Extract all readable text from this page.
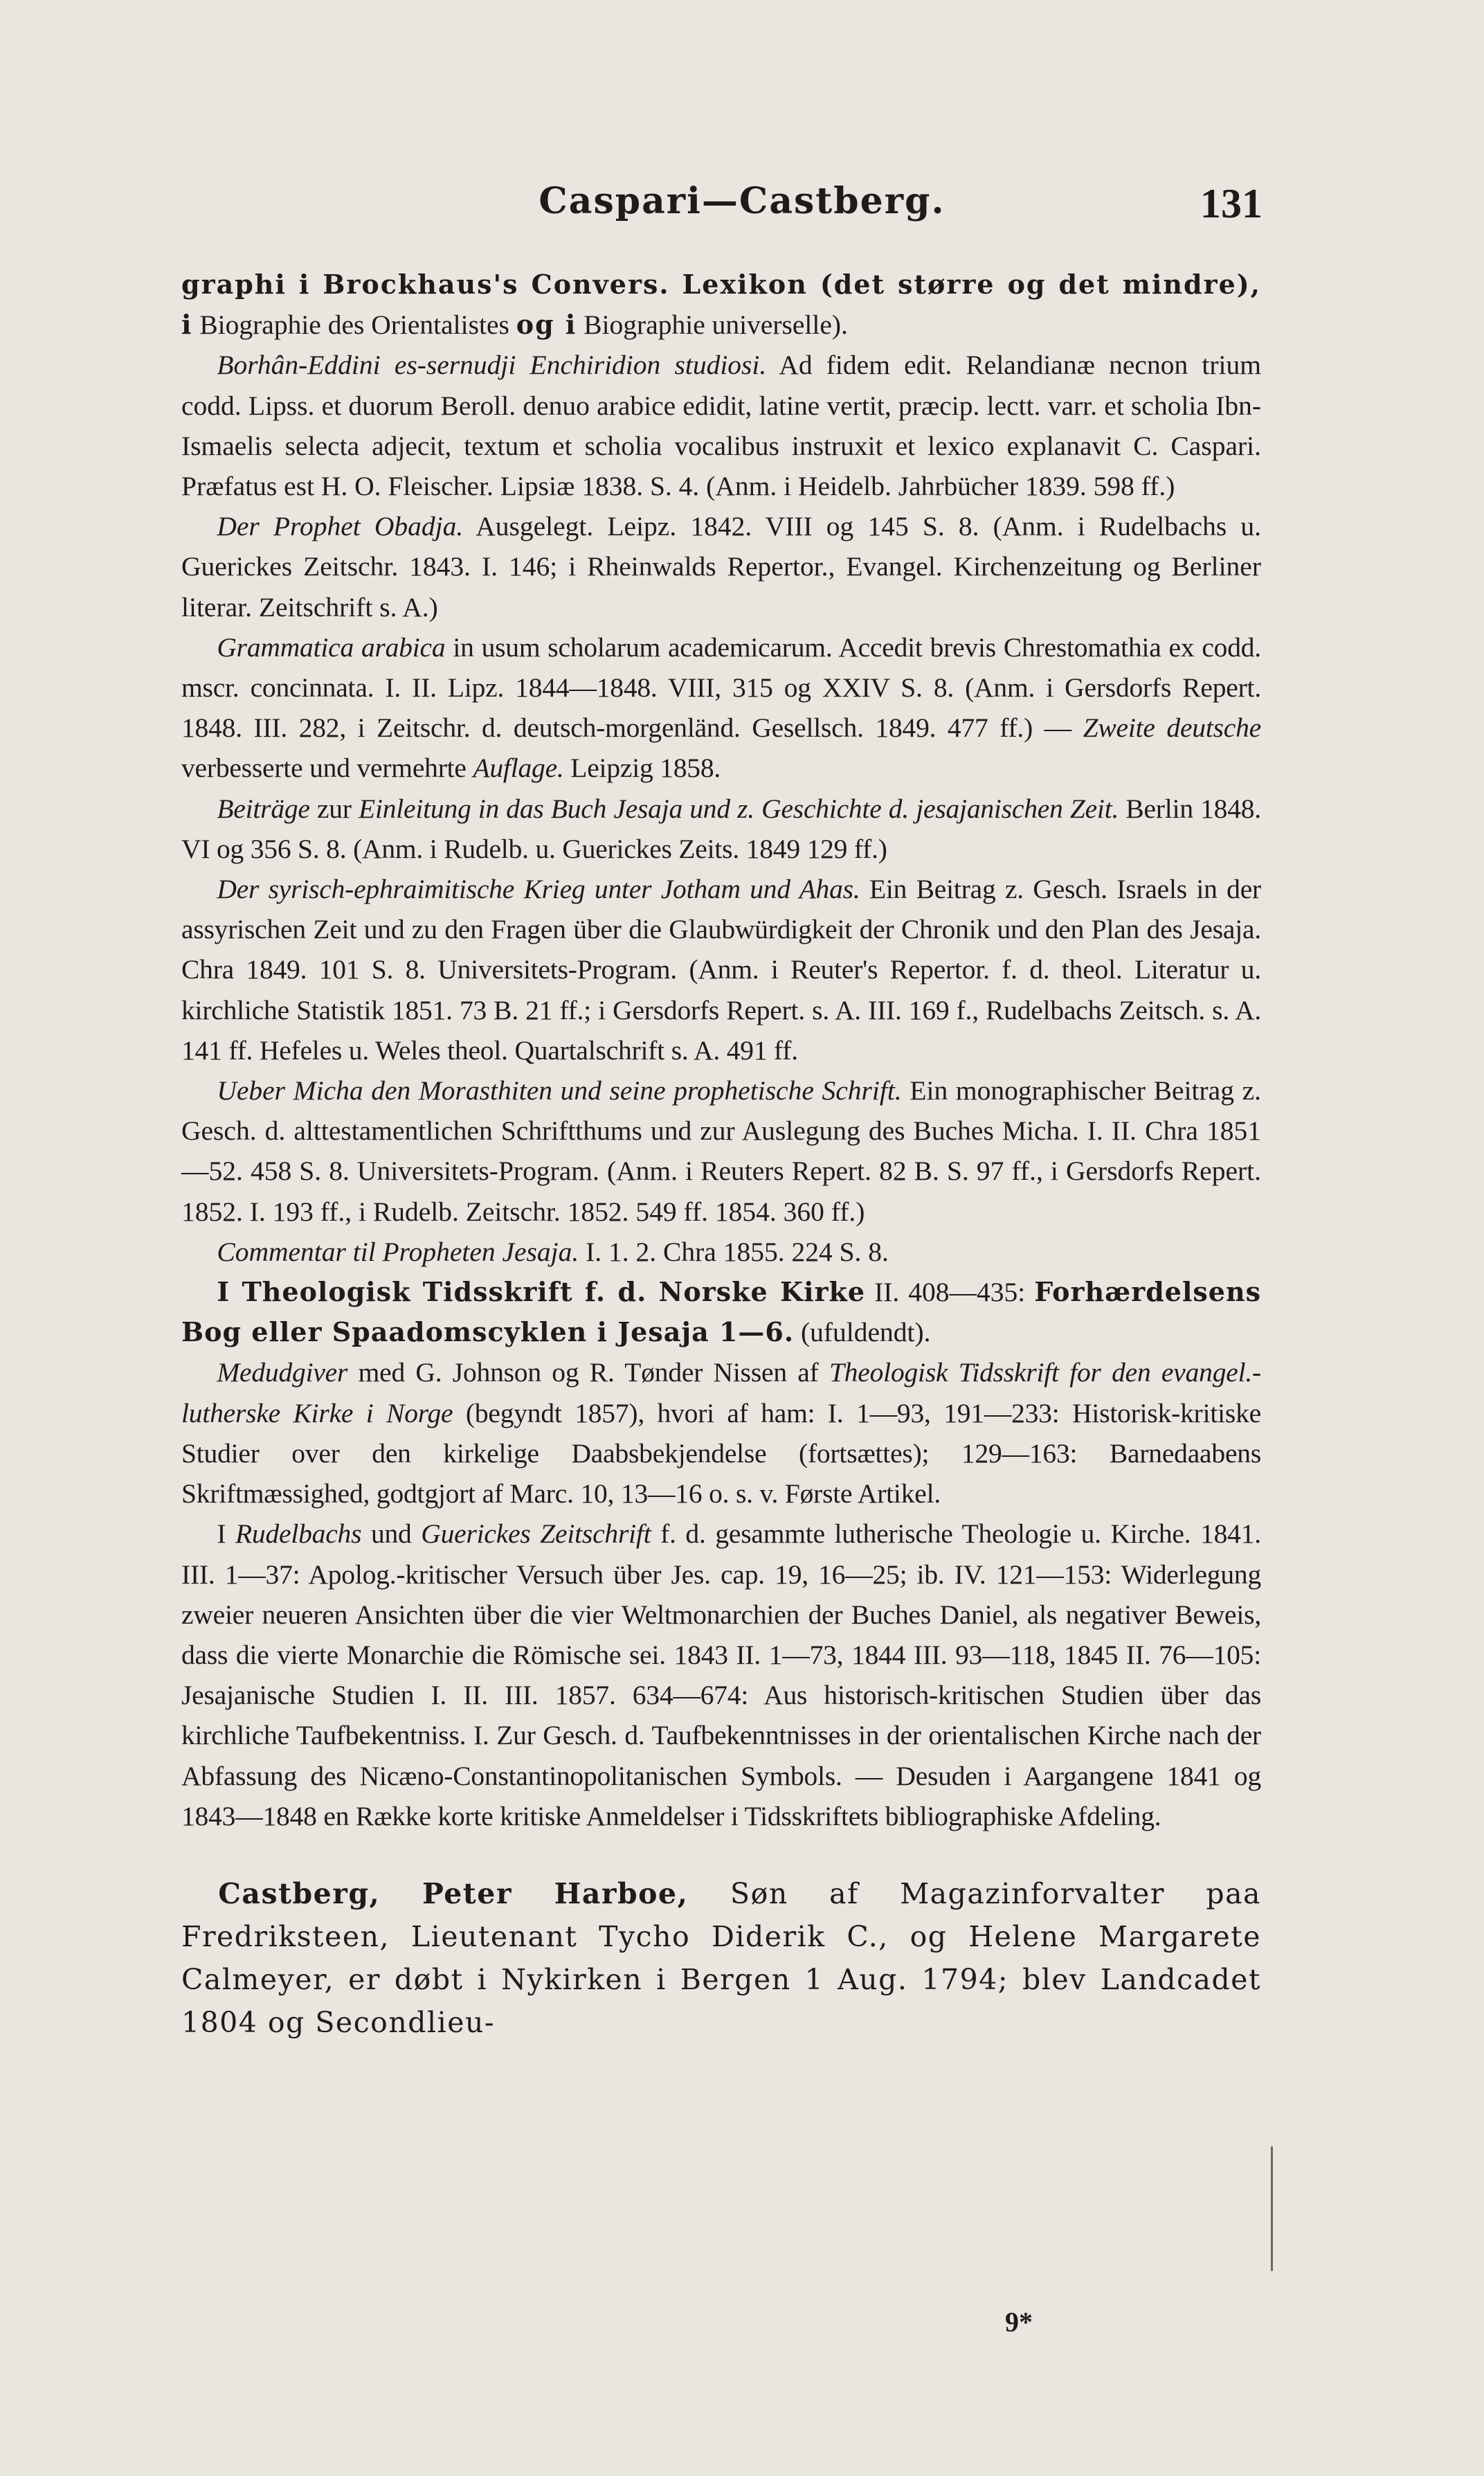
Caspari—Castberg.	131

graphi i Brockhaus's Convers. Lexikon (det større og det mindre), i Biographie des Orientalistes og i Biographie universelle).

Borhân-Eddini es-sernudji Enchiridion studiosi. Ad fidem edit. Relandianæ necnon trium codd. Lipss. et duorum Beroll. denuo arabice edidit, latine vertit, præcip. lectt. varr. et scholia Ibn-Ismaelis selecta adjecit, textum et scholia vocalibus instruxit et lexico explanavit C. Caspari. Præfatus est H. O. Fleischer. Lipsiæ 1838. S. 4. (Anm. i Heidelb. Jahrbücher 1839. 598 ff.)

Der Prophet Obadja. Ausgelegt. Leipz. 1842. VIII og 145 S. 8. (Anm. i Rudelbachs u. Guerickes Zeitschr. 1843. I. 146; i Rheinwalds Repertor., Evangel. Kirchenzeitung og Berliner literar. Zeitschrift s. A.)

Grammatica arabica in usum scholarum academicarum. Accedit brevis Chrestomathia ex codd. mscr. concinnata. I. II. Lipz. 1844—1848. VIII, 315 og XXIV S. 8. (Anm. i Gersdorfs Repert. 1848. III. 282, i Zeitschr. d. deutsch-morgenländ. Gesellsch. 1849. 477 ff.) — Zweite deutsche verbesserte und vermehrte Auflage. Leipzig 1858.

Beiträge zur Einleitung in das Buch Jesaja und z. Geschichte d. jesajanischen Zeit. Berlin 1848. VI og 356 S. 8. (Anm. i Rudelb. u. Guerickes Zeits. 1849 129 ff.)

Der syrisch-ephraimitische Krieg unter Jotham und Ahas. Ein Beitrag z. Gesch. Israels in der assyrischen Zeit und zu den Fragen über die Glaubwürdigkeit der Chronik und den Plan des Jesaja. Chra 1849. 101 S. 8. Universitets-Program. (Anm. i Reuter's Repertor. f. d. theol. Literatur u. kirchliche Statistik 1851. 73 B. 21 ff.; i Gersdorfs Repert. s. A. III. 169 f., Rudelbachs Zeitsch. s. A. 141 ff. Hefeles u. Weles theol. Quartalschrift s. A. 491 ff.

Ueber Micha den Morasthiten und seine prophetische Schrift. Ein monographischer Beitrag z. Gesch. d. alttestamentlichen Schriftthums und zur Auslegung des Buches Micha. I. II. Chra 1851—52. 458 S. 8. Universitets-Program. (Anm. i Reuters Repert. 82 B. S. 97 ff., i Gersdorfs Repert. 1852. I. 193 ff., i Rudelb. Zeitschr. 1852. 549 ff. 1854. 360 ff.)

Commentar til Propheten Jesaja. I. 1. 2. Chra 1855. 224 S. 8.

I Theologisk Tidsskrift f. d. Norske Kirke II. 408—435: Forhærdelsens Bog eller Spaadomscyklen i Jesaja 1—6. (ufuldendt).

Medudgiver med G. Johnson og R. Tønder Nissen af Theologisk Tidsskrift for den evangel.-lutherske Kirke i Norge (begyndt 1857), hvori af ham: I. 1—93, 191—233: Historisk-kritiske Studier over den kirkelige Daabsbekjendelse (fortsættes); 129—163: Barnedaabens Skriftmæssighed, godtgjort af Marc. 10, 13—16 o. s. v. Første Artikel.

I Rudelbachs und Guerickes Zeitschrift f. d. gesammte lutherische Theologie u. Kirche. 1841. III. 1—37: Apolog.-kritischer Versuch über Jes. cap. 19, 16—25; ib. IV. 121—153: Widerlegung zweier neueren Ansichten über die vier Weltmonarchien der Buches Daniel, als negativer Beweis, dass die vierte Monarchie die Römische sei. 1843 II. 1—73, 1844 III. 93—118, 1845 II. 76—105: Jesajanische Studien I. II. III. 1857. 634—674: Aus historisch-kritischen Studien über das kirchliche Taufbekentniss. I. Zur Gesch. d. Taufbekenntnisses in der orientalischen Kirche nach der Abfassung des Nicæno-Constantinopolitanischen Symbols. — Desuden i Aargangene 1841 og 1843—1848 en Række korte kritiske Anmeldelser i Tidsskriftets bibliographiske Afdeling.

Castberg, Peter Harboe, Søn af Magazinforvalter paa Fredriksteen, Lieutenant Tycho Diderik C., og Helene Margarete Calmeyer, er døbt i Nykirken i Bergen 1 Aug. 1794; blev Landcadet 1804 og Secondlieu-

9*
